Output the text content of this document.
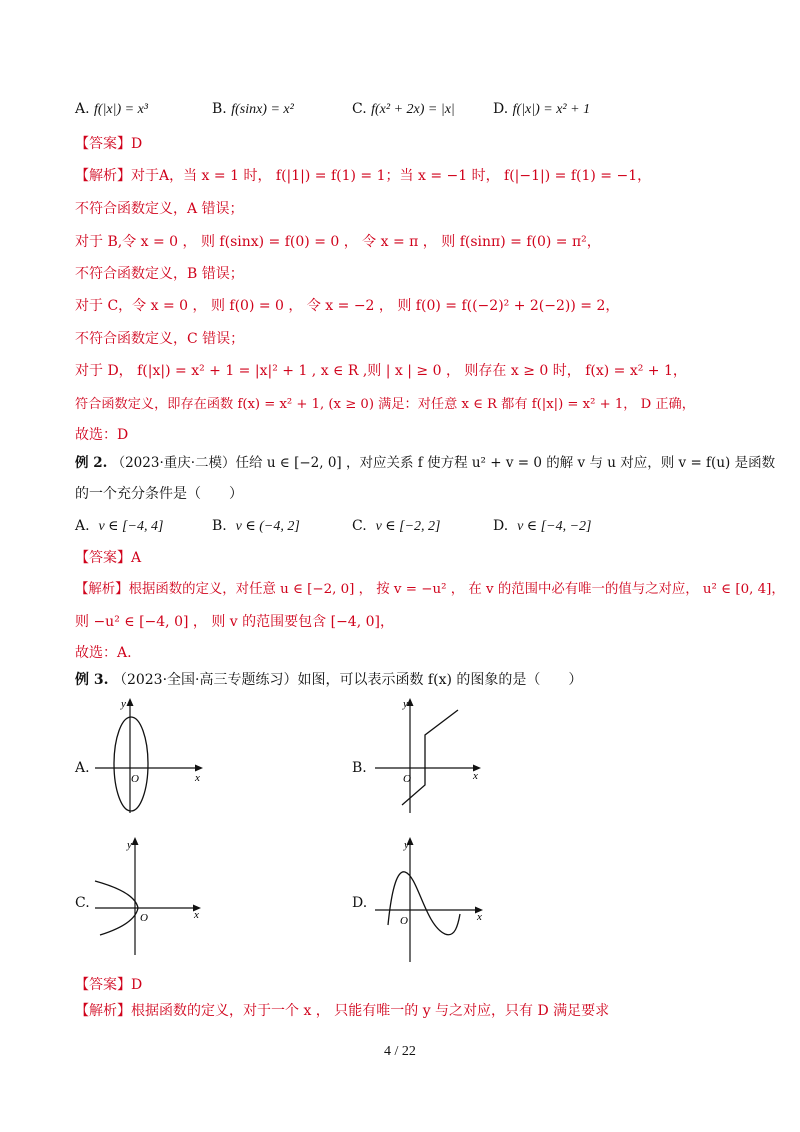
A. f(|x|) = x³	B. f(sinx) = x²	C. f(x² + 2x) = |x|	D. f(|x|) = x² + 1
【答案】D
【解析】对于A，当 x = 1 时， f(|1|) = f(1) = 1；当 x = −1 时， f(|−1|) = f(1) = −1，
不符合函数定义，A 错误；
对于 B,令 x = 0 ， 则 f(sinx) = f(0) = 0 ， 令 x = π ， 则 f(sinπ) = f(0) = π²，
不符合函数定义，B 错误；
对于 C，令 x = 0 ， 则 f(0) = 0 ， 令 x = −2 ， 则 f(0) = f((−2)² + 2(−2)) = 2，
不符合函数定义，C 错误；
对于 D， f(|x|) = x² + 1 = |x|² + 1 , x ∈ R ,则 | x | ≥ 0 ， 则存在 x ≥ 0 时， f(x) = x² + 1，
符合函数定义，即存在函数 f(x) = x² + 1, (x ≥ 0) 满足：对任意 x ∈ R 都有 f(|x|) = x² + 1， D 正确，
故选：D
例 2. （2023·重庆·二模）任给 u ∈ [−2, 0] ，对应关系 f 使方程 u² + v = 0 的解 v 与 u 对应，则 v = f(u) 是函数
的一个充分条件是（　　）
A. v ∈ [−4, 4]	B. v ∈ (−4, 2]	C. v ∈ [−2, 2]	D. v ∈ [−4, −2]
【答案】A
【解析】根据函数的定义，对任意 u ∈ [−2, 0] ， 按 v = −u² ， 在 v 的范围中必有唯一的值与之对应， u² ∈ [0, 4]，
则 −u² ∈ [−4, 0] ， 则 v 的范围要包含 [−4, 0]，
故选：A.
例 3. （2023·全国·高三专题练习）如图，可以表示函数 f(x) 的图象的是（　　）
A.
x
y
O
B.	x
y
O
C.
x
y
O
D.
x
y
O
【答案】D
【解析】根据函数的定义，对于一个 x ， 只能有唯一的 y 与之对应，只有 D 满足要求
4 / 22
